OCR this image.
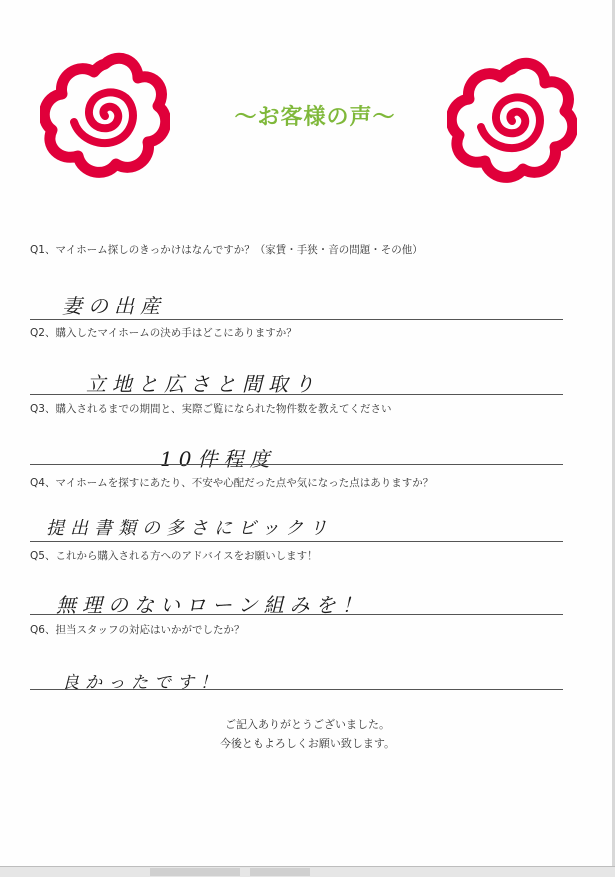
〜お客様の声〜
Q1、マイホーム探しのきっかけはなんですか？（家賃・手狭・音の問題・その他）
妻の出産
Q2、購入したマイホームの決め手はどこにありますか？
立地と広さと間取り
Q3、購入されるまでの期間と、実際ご覧になられた物件数を教えてください
10件程度
Q4、マイホームを探すにあたり、不安や心配だった点や気になった点はありますか？
提出書類の多さにビックリ
Q5、これから購入される方へのアドバイスをお願いします！
無理のないローン組みを！
Q6、担当スタッフの対応はいかがでしたか？
良かったです！
ご記入ありがとうございました。
今後ともよろしくお願い致します。
